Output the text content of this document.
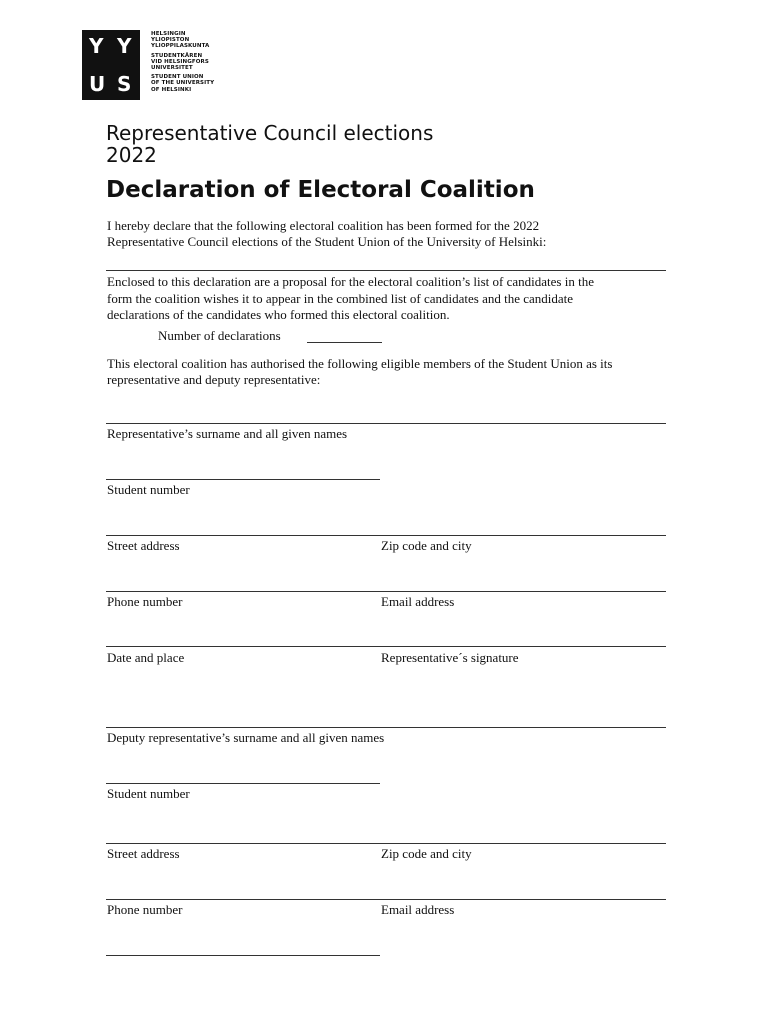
Y Y
U S
HELSINGIN
YLIOPISTON
YLIOPPILASKUNTA
STUDENTKÅREN
VID HELSINGFORS
UNIVERSITET
STUDENT UNION
OF THE UNIVERSITY
OF HELSINKI
Representative Council elections
2022
Declaration of Electoral Coalition
I hereby declare that the following electoral coalition has been formed for the 2022
Representative Council elections of the Student Union of the University of Helsinki:
Enclosed to this declaration are a proposal for the electoral coalition’s list of candidates in the
form the coalition wishes it to appear in the combined list of candidates and the candidate
declarations of the candidates who formed this electoral coalition.
Number of declarations
This electoral coalition has authorised the following eligible members of the Student Union as its
representative and deputy representative:
Representative’s surname and all given names
Student number
Street address	Zip code and city
Phone number	Email address
Date and place	Representative´s signature
Deputy representative’s surname and all given names
Student number
Street address	Zip code and city
Phone number	Email address
